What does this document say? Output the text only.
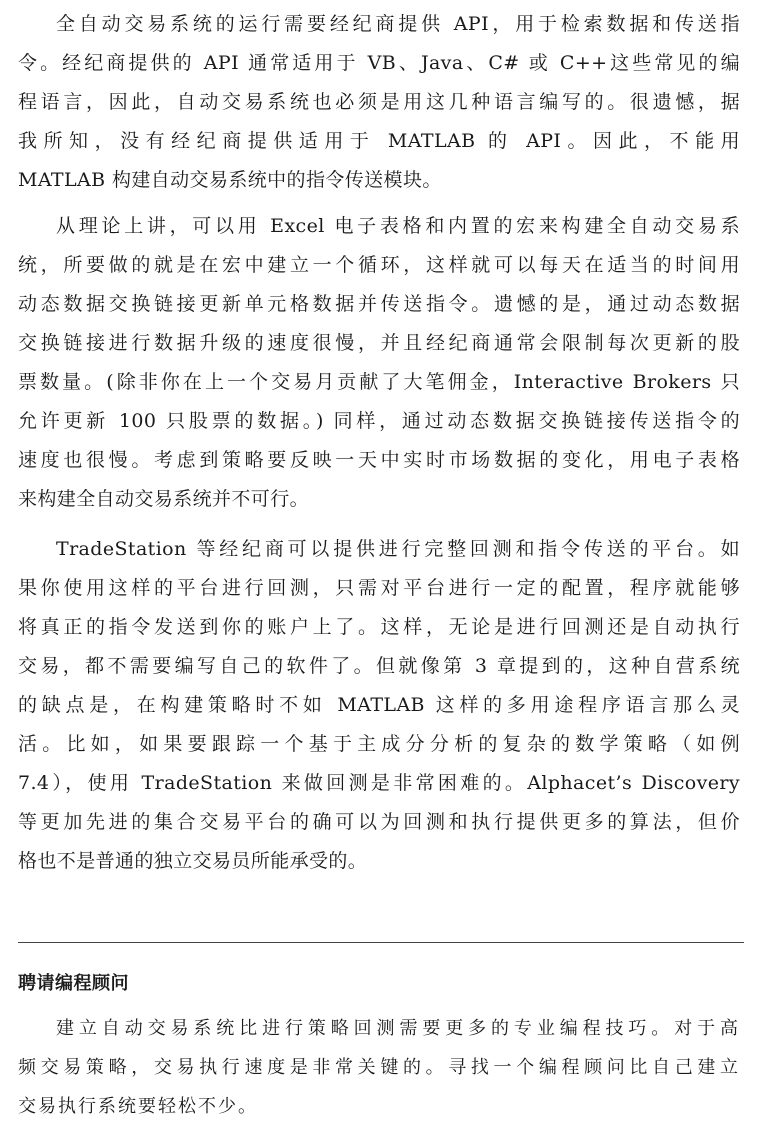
全自动交易系统的运行需要经纪商提供 API，用于检索数据和传送指
令。经纪商提供的 API 通常适用于 VB、Java、C# 或 C++这些常见的编
程语言，因此，自动交易系统也必须是用这几种语言编写的。很遗憾，据
我所知，没有经纪商提供适用于 MATLAB 的 API。因此，不能用
MATLAB 构建自动交易系统中的指令传送模块。
从理论上讲，可以用 Excel 电子表格和内置的宏来构建全自动交易系
统，所要做的就是在宏中建立一个循环，这样就可以每天在适当的时间用
动态数据交换链接更新单元格数据并传送指令。遗憾的是，通过动态数据
交换链接进行数据升级的速度很慢，并且经纪商通常会限制每次更新的股
票数量。(除非你在上一个交易月贡献了大笔佣金，Interactive Brokers 只
允许更新 100 只股票的数据。) 同样，通过动态数据交换链接传送指令的
速度也很慢。考虑到策略要反映一天中实时市场数据的变化，用电子表格
来构建全自动交易系统并不可行。
TradeStation 等经纪商可以提供进行完整回测和指令传送的平台。如
果你使用这样的平台进行回测，只需对平台进行一定的配置，程序就能够
将真正的指令发送到你的账户上了。这样，无论是进行回测还是自动执行
交易，都不需要编写自己的软件了。但就像第 3 章提到的，这种自营系统
的缺点是，在构建策略时不如 MATLAB 这样的多用途程序语言那么灵
活。比如，如果要跟踪一个基于主成分分析的复杂的数学策略（如例
7.4），使用 TradeStation 来做回测是非常困难的。Alphacet’s Discovery
等更加先进的集合交易平台的确可以为回测和执行提供更多的算法，但价
格也不是普通的独立交易员所能承受的。
聘请编程顾问
建立自动交易系统比进行策略回测需要更多的专业编程技巧。对于高
频交易策略，交易执行速度是非常关键的。寻找一个编程顾问比自己建立
交易执行系统要轻松不少。
